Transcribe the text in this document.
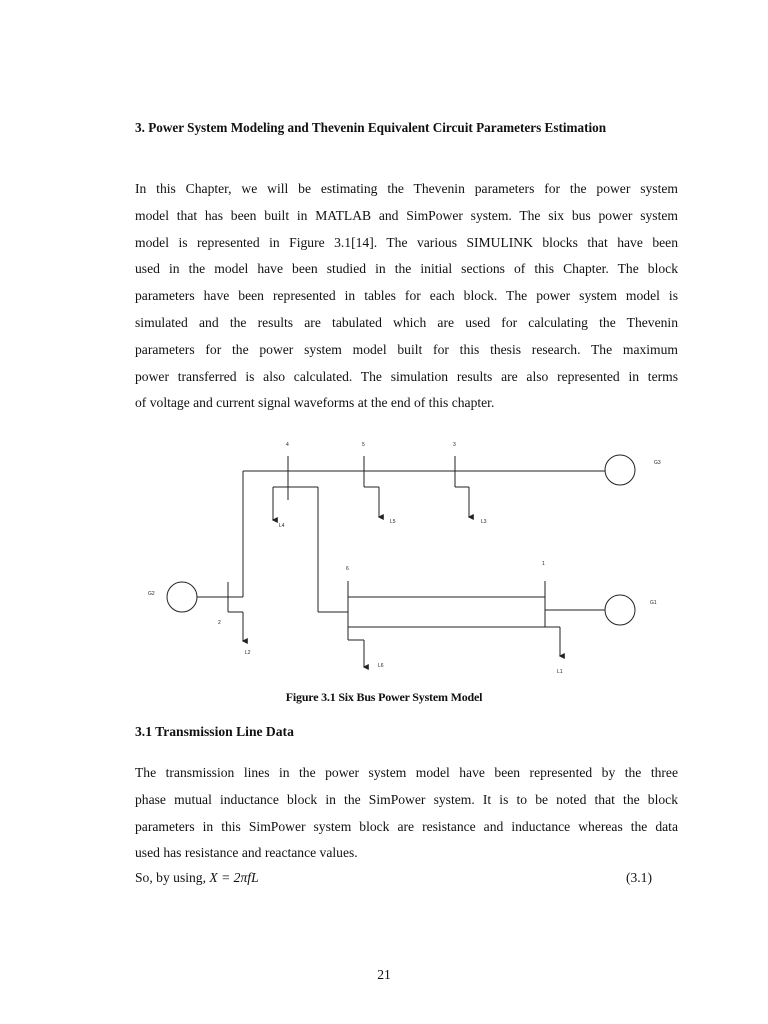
3. Power System Modeling and Thevenin Equivalent Circuit Parameters Estimation
In this Chapter, we will be estimating the Thevenin parameters for the power system
model that has been built in MATLAB and SimPower system. The six bus power system
model is represented in Figure 3.1[14]. The various SIMULINK blocks that have been
used in the model have been studied in the initial sections of this Chapter. The block
parameters have been represented in tables for each block. The power system model is
simulated and the results are tabulated which are used for calculating the Thevenin
parameters for the power system model built for this thesis research. The maximum
power transferred is also calculated. The simulation results are also represented in terms
of voltage and current signal waveforms at the end of this chapter.
4	5	3
6
1
2
G3
G2
G1
L4
L5	L3
L2
L6
L1
Figure 3.1 Six Bus Power System Model
3.1 Transmission Line Data
The transmission lines in the power system model have been represented by the three
phase mutual inductance block in the SimPower system. It is to be noted that the block
parameters in this SimPower system block are resistance and inductance whereas the data
used has resistance and reactance values.
So, by using, X = 2πfL	(3.1)
21
